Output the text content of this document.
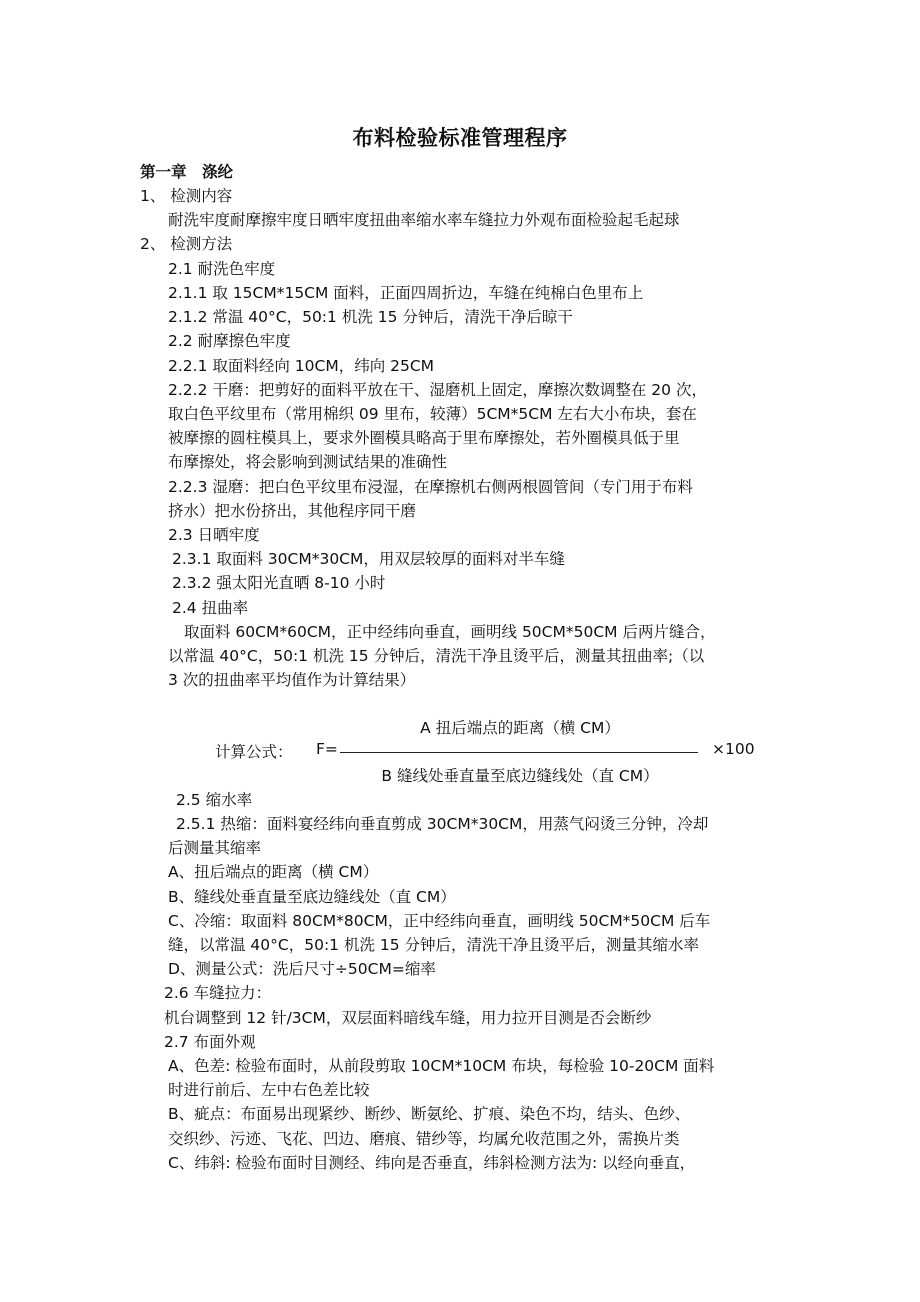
布料检验标准管理程序
第一章　涤纶
1、 检测内容
耐洗牢度耐摩擦牢度日晒牢度扭曲率缩水率车缝拉力外观布面检验起毛起球
2、 检测方法
2.1 耐洗色牢度
2.1.1 取 15CM*15CM 面料，正面四周折边，车缝在纯棉白色里布上
2.1.2 常温 40°C，50:1 机洗 15 分钟后，清洗干净后晾干
2.2 耐摩擦色牢度
2.2.1 取面料经向 10CM，纬向 25CM
2.2.2 干磨：把剪好的面料平放在干、湿磨机上固定，摩擦次数调整在 20 次，
取白色平纹里布（常用棉织 09 里布，较薄）5CM*5CM 左右大小布块，套在
被摩擦的圆柱模具上，要求外圈模具略高于里布摩擦处，若外圈模具低于里
布摩擦处，将会影响到测试结果的准确性
2.2.3 湿磨：把白色平纹里布浸湿，在摩擦机右侧两根圆管间（专门用于布料
挤水）把水份挤出，其他程序同干磨
2.3 日晒牢度
2.3.1 取面料 30CM*30CM，用双层较厚的面料对半车缝
2.3.2 强太阳光直晒 8-10 小时
2.4 扭曲率
取面料 60CM*60CM，正中经纬向垂直，画明线 50CM*50CM 后两片缝合，
以常温 40°C，50:1 机洗 15 分钟后，清洗干净且烫平后，测量其扭曲率;（以
3 次的扭曲率平均值作为计算结果）
A 扭后端点的距离（横 CM）
计算公式： F=	×100
B 缝线处垂直量至底边缝线处（直 CM）
2.5 缩水率
2.5.1 热缩：面料宴经纬向垂直剪成 30CM*30CM，用蒸气闷烫三分钟，冷却
后测量其缩率
A、扭后端点的距离（横 CM）
B、缝线处垂直量至底边缝线处（直 CM）
C、冷缩：取面料 80CM*80CM，正中经纬向垂直，画明线 50CM*50CM 后车
缝，以常温 40°C，50:1 机洗 15 分钟后，清洗干净且烫平后，测量其缩水率
D、测量公式：洗后尺寸÷50CM=缩率
2.6 车缝拉力：
机台调整到 12 针/3CM，双层面料暗线车缝，用力拉开目测是否会断纱
2.7 布面外观
A、色差: 检验布面时，从前段剪取 10CM*10CM 布块，每检验 10-20CM 面料
时进行前后、左中右色差比较
B、疵点：布面易出现紧纱、断纱、断氨纶、扩痕、染色不均，结头、色纱、
交织纱、污迹、飞花、凹边、磨痕、错纱等，均属允收范围之外，需换片类
C、纬斜: 检验布面时目测经、纬向是否垂直，纬斜检测方法为: 以经向垂直，
